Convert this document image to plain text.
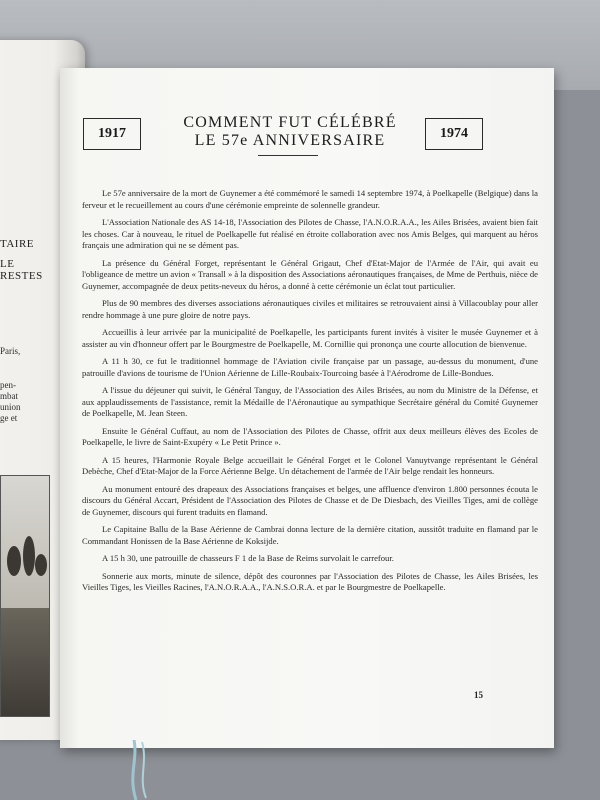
TAIRE
LE
RESTES
Paris,
pen-
mbat
union
ge et
1917
COMMENT FUT CÉLÉBRÉ
LE 57e ANNIVERSAIRE	1974

Le 57e anniversaire de la mort de Guynemer a été commémoré le samedi 14 septembre 1974, à Poelkapelle (Belgique) dans la ferveur et le recueillement au cours d'une cérémonie empreinte de solennelle grandeur.

L'Association Nationale des AS 14-18, l'Association des Pilotes de Chasse, l'A.N.O.R.A.A., les Ailes Brisées, avaient bien fait les choses. Car à nouveau, le rituel de Poelkapelle fut réalisé en étroite collaboration avec nos Amis Belges, qui marquent au héros français une admiration qui ne se dément pas.

La présence du Général Forget, représentant le Général Grigaut, Chef d'Etat-Major de l'Armée de l'Air, qui avait eu l'obligeance de mettre un avion « Transall » à la disposition des Associations aéronautiques françaises, de Mme de Perthuis, nièce de Guynemer, accompagnée de deux petits-neveux du héros, a donné à cette cérémonie un éclat tout particulier.

Plus de 90 membres des diverses associations aéronautiques civiles et militaires se retrouvaient ainsi à Villacoublay pour aller rendre hommage à une pure gloire de notre pays.

Accueillis à leur arrivée par la municipalité de Poelkapelle, les participants furent invités à visiter le musée Guynemer et à assister au vin d'honneur offert par le Bourgmestre de Poelkapelle, M. Cornillie qui prononça une courte allocution de bienvenue.

A 11 h 30, ce fut le traditionnel hommage de l'Aviation civile française par un passage, au-dessus du monument, d'une patrouille d'avions de tourisme de l'Union Aérienne de Lille-Roubaix-Tourcoing basée à l'Aérodrome de Lille-Bondues.

A l'issue du déjeuner qui suivit, le Général Tanguy, de l'Association des Ailes Brisées, au nom du Ministre de la Défense, et aux applaudissements de l'assistance, remit la Médaille de l'Aéronautique au sympathique Secrétaire général du Comité Guynemer de Poelkapelle, M. Jean Steen.

Ensuite le Général Cuffaut, au nom de l'Association des Pilotes de Chasse, offrit aux deux meilleurs élèves des Ecoles de Poelkapelle, le livre de Saint-Exupéry « Le Petit Prince ».

A 15 heures, l'Harmonie Royale Belge accueillait le Général Forget et le Colonel Vanuytvange représentant le Général Debèche, Chef d'Etat-Major de la Force Aérienne Belge. Un détachement de l'armée de l'Air belge rendait les honneurs.

Au monument entouré des drapeaux des Associations françaises et belges, une affluence d'environ 1.800 personnes écouta le discours du Général Accart, Président de l'Association des Pilotes de Chasse et de De Diesbach, des Vieilles Tiges, ami de collège de Guynemer, discours qui furent traduits en flamand.

Le Capitaine Ballu de la Base Aérienne de Cambrai donna lecture de la dernière citation, aussitôt traduite en flamand par le Commandant Honissen de la Base Aérienne de Koksijde.

A 15 h 30, une patrouille de chasseurs F 1 de la Base de Reims survolait le carrefour.

Sonnerie aux morts, minute de silence, dépôt des couronnes par l'Association des Pilotes de Chasse, les Ailes Brisées, les Vieilles Tiges, les Vieilles Racines, l'A.N.O.R.A.A., l'A.N.S.O.R.A. et par le Bourgmestre de Poelkapelle.

15
